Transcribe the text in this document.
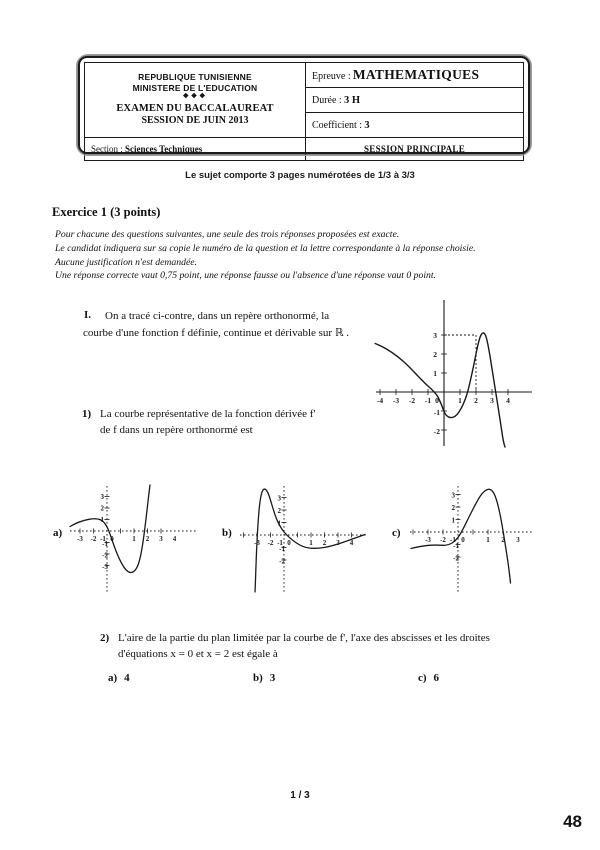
REPUBLIQUE TUNISIENNE
MINISTERE DE L'EDUCATION
❖❖❖
EXAMEN DU BACCALAUREAT
SESSION DE JUIN 2013	Epreuve : MATHEMATIQUES
	Durée : 3 H
	Coefficient : 3
Section : Sciences Techniques	SESSION PRINCIPALE
Le sujet comporte 3 pages numérotées de 1/3 à 3/3
Exercice 1 (3 points)
Pour chacune des questions suivantes, une seule des trois réponses proposées est exacte.
Le candidat indiquera sur sa copie le numéro de la question et la lettre correspondante à la réponse choisie.
Aucune justification n'est demandée.
Une réponse correcte vaut 0,75 point, une réponse fausse ou l'absence d'une réponse vaut 0 point.
I. On a tracé ci-contre, dans un repère orthonormé, la
courbe d'une fonction f définie, continue et dérivable sur ℝ .
-4 -3 -2 -1 0	1 2 3 4
3
2
1
-1
-2
1) La courbe représentative de la fonction dérivée f'
de f dans un repère orthonormé est
a)	b)	c)
-3 -2 -1 0	1 2 3 4
3
2
1
-1
-2
-3
-3 -2 -1 0	1 2 3 4
3
2
1
-1
-2
-3 -2 -1 0	1 2 3
3
2
1
-1
-2
2) L'aire de la partie du plan limitée par la courbe de f', l'axe des abscisses et les droites d'équations x = 0 et x = 2 est égale à
a) 4	b) 3	c) 6
1 / 3
48
